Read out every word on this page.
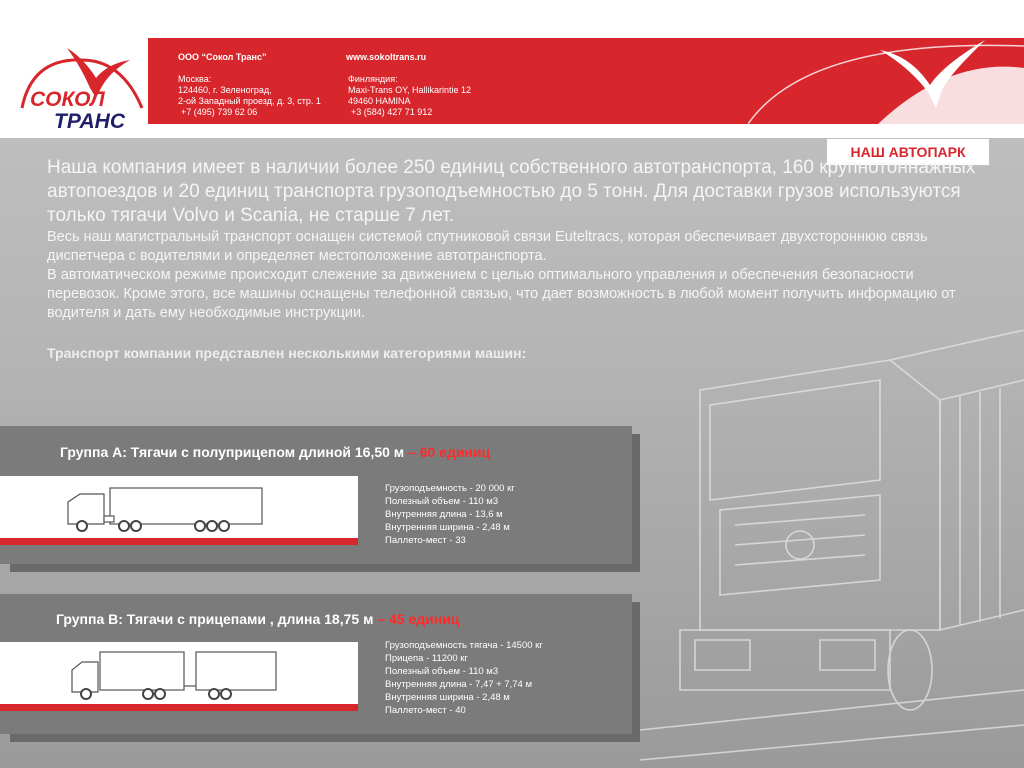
СОКОЛ
ТРАНС
ООО “Сокол Транс”	www.sokoltrans.ru
Москва:
124460, г. Зеленоград,
2-ой Западный проезд, д. 3, стр. 1
+7 (495) 739 62 06
Финляндия:
Maxi-Trans OY, Hallikarintie 12
49460 HAMINA
+3 (584) 427 71 912
НАШ АВТОПАРК
Наша компания имеет в наличии более 250 единиц собственного автотранспорта, 160 крупнотоннажных автопоездов и 20 единиц транспорта грузоподъемностью до 5 тонн. Для доставки грузов используются только тягачи Volvo и Scania, не старше 7 лет.
Весь наш магистральный транспорт оснащен системой спутниковой связи Euteltracs, которая обеспечивает двухстороннюю связь диспетчера с водителями и определяет местоположение автотранспорта.
В автоматическом режиме происходит слежение за движением с целью оптимального управления и обеспечения безопасности перевозок. Кроме этого, все машины оснащены телефонной связью, что дает возможность в любой момент получить информацию от водителя и дать ему необходимые инструкции.
Транспорт компании представлен несколькими категориями машин:
Группа А: Тягачи с полуприцепом длиной 16,50 м – 60 единиц
Грузоподъемность - 20 000 кг
Полезный объем - 110 м3
Внутренняя длина - 13,6 м
Внутренняя ширина - 2,48 м
Паллето-мест - 33
Группа В: Тягачи с прицепами , длина 18,75 м – 45 единиц
Грузоподъемность тягача - 14500 кг
Прицепа - 11200 кг
Полезный объем - 110 м3
Внутренняя длина - 7,47 + 7,74 м
Внутренняя ширина - 2,48 м
Паллето-мест - 40
